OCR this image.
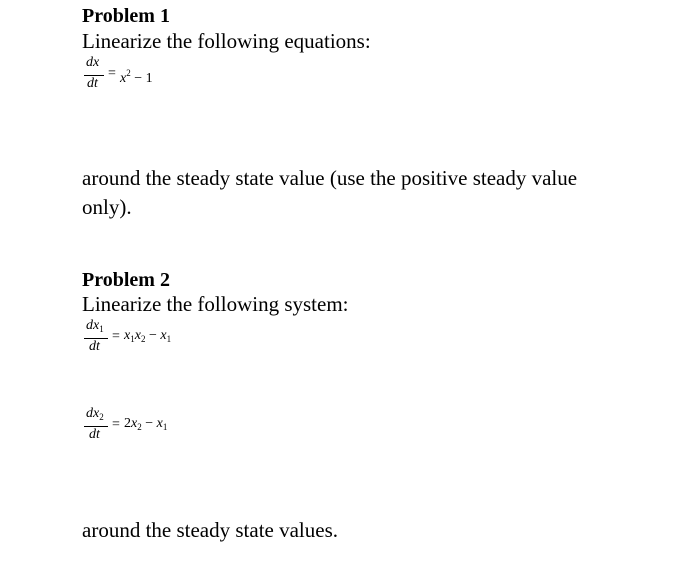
Problem 1
Linearize the following equations:
dx
dt
= $x^2 - 1$
around the steady state value (use the positive steady value only).
Problem 2
Linearize the following system:
$dx_1$
dt
= $x_1x_2 - x_1$
$dx_2$
dt
= $2x_2 - x_1$
around the steady state values.
